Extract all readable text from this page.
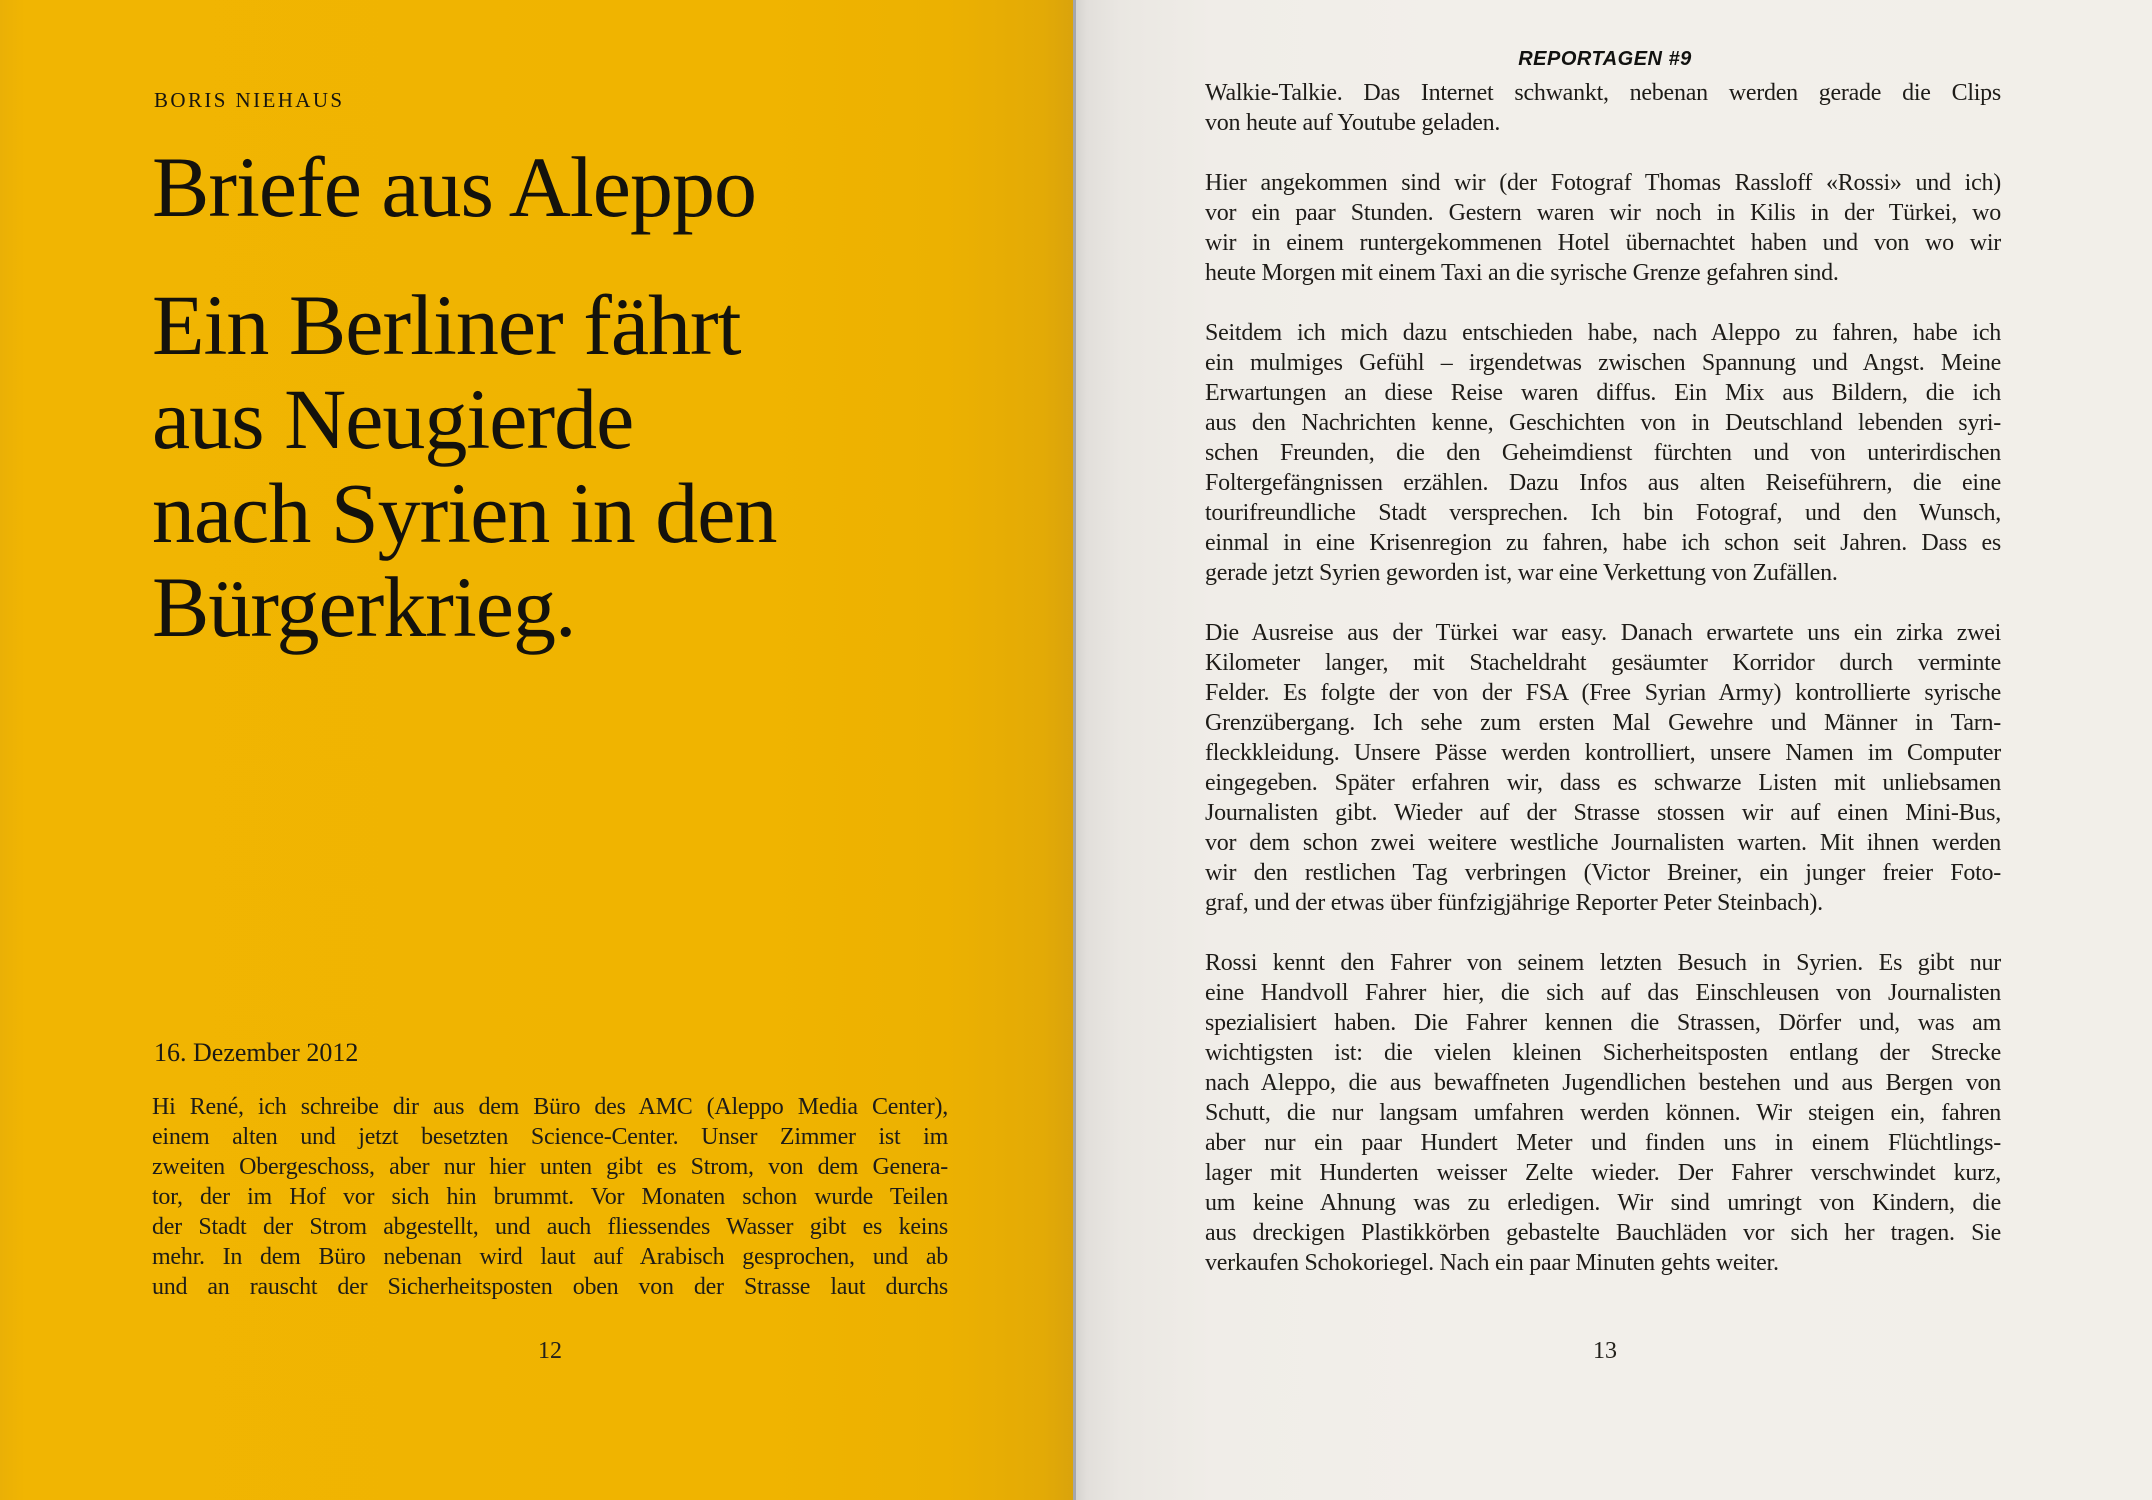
BORIS NIEHAUS
Briefe aus Aleppo
Ein Berliner fährt
aus Neugierde
nach Syrien in den
Bürgerkrieg.
16. Dezember 2012
Hi René, ich schreibe dir aus dem Büro des AMC (Aleppo Media Center),
einem alten und jetzt besetzten Science-Center. Unser Zimmer ist im
zweiten Obergeschoss, aber nur hier unten gibt es Strom, von dem Genera-
tor, der im Hof vor sich hin brummt. Vor Monaten schon wurde Teilen
der Stadt der Strom abgestellt, und auch fliessendes Wasser gibt es keins
mehr. In dem Büro nebenan wird laut auf Arabisch gesprochen, und ab
und an rauscht der Sicherheitsposten oben von der Strasse laut durchs
12
REPORTAGEN #9
Walkie-Talkie. Das Internet schwankt, nebenan werden gerade die Clips
von heute auf Youtube geladen.
Hier angekommen sind wir (der Fotograf Thomas Rassloff «Rossi» und ich)
vor ein paar Stunden. Gestern waren wir noch in Kilis in der Türkei, wo
wir in einem runtergekommenen Hotel übernachtet haben und von wo wir
heute Morgen mit einem Taxi an die syrische Grenze gefahren sind.
Seitdem ich mich dazu entschieden habe, nach Aleppo zu fahren, habe ich
ein mulmiges Gefühl – irgendetwas zwischen Spannung und Angst. Meine
Erwartungen an diese Reise waren diffus. Ein Mix aus Bildern, die ich
aus den Nachrichten kenne, Geschichten von in Deutschland lebenden syri-
schen Freunden, die den Geheimdienst fürchten und von unterirdischen
Foltergefängnissen erzählen. Dazu Infos aus alten Reiseführern, die eine
tourifreundliche Stadt versprechen. Ich bin Fotograf, und den Wunsch,
einmal in eine Krisenregion zu fahren, habe ich schon seit Jahren. Dass es
gerade jetzt Syrien geworden ist, war eine Verkettung von Zufällen.
Die Ausreise aus der Türkei war easy. Danach erwartete uns ein zirka zwei
Kilometer langer, mit Stacheldraht gesäumter Korridor durch verminte
Felder. Es folgte der von der FSA (Free Syrian Army) kontrollierte syrische
Grenzübergang. Ich sehe zum ersten Mal Gewehre und Männer in Tarn-
fleckkleidung. Unsere Pässe werden kontrolliert, unsere Namen im Computer
eingegeben. Später erfahren wir, dass es schwarze Listen mit unliebsamen
Journalisten gibt. Wieder auf der Strasse stossen wir auf einen Mini-Bus,
vor dem schon zwei weitere westliche Journalisten warten. Mit ihnen werden
wir den restlichen Tag verbringen (Victor Breiner, ein junger freier Foto-
graf, und der etwas über fünfzigjährige Reporter Peter Steinbach).
Rossi kennt den Fahrer von seinem letzten Besuch in Syrien. Es gibt nur
eine Handvoll Fahrer hier, die sich auf das Einschleusen von Journalisten
spezialisiert haben. Die Fahrer kennen die Strassen, Dörfer und, was am
wichtigsten ist: die vielen kleinen Sicherheitsposten entlang der Strecke
nach Aleppo, die aus bewaffneten Jugendlichen bestehen und aus Bergen von
Schutt, die nur langsam umfahren werden können. Wir steigen ein, fahren
aber nur ein paar Hundert Meter und finden uns in einem Flüchtlings-
lager mit Hunderten weisser Zelte wieder. Der Fahrer verschwindet kurz,
um keine Ahnung was zu erledigen. Wir sind umringt von Kindern, die
aus dreckigen Plastikkörben gebastelte Bauchläden vor sich her tragen. Sie
verkaufen Schokoriegel. Nach ein paar Minuten gehts weiter.
13
